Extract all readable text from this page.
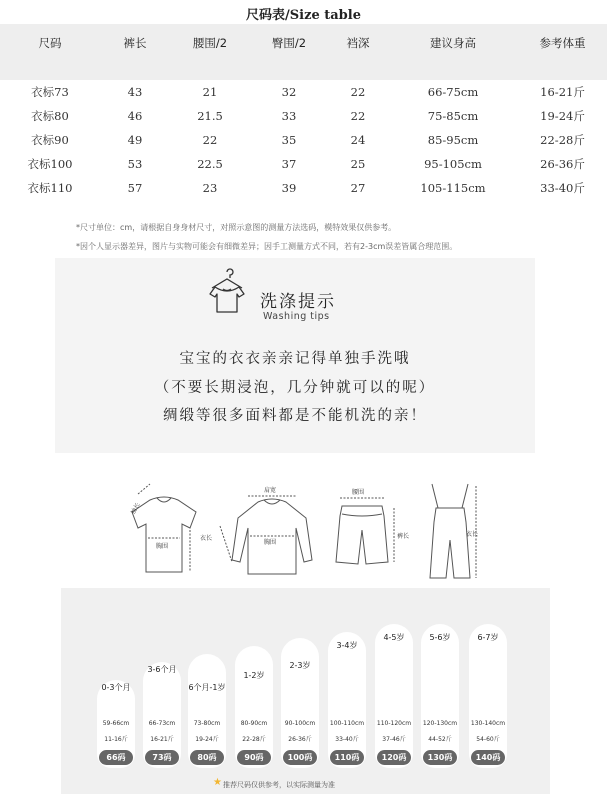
尺码表/Size table
尺码	裤长	腰围/2	臀围/2	裆深	建议身高	参考体重

衣标73	43	21	32	22	66-75cm	16-21斤
衣标80	46	21.5	33	22	75-85cm	19-24斤
衣标90	49	22	35	24	85-95cm	22-28斤
衣标100	53	22.5	37	25	95-105cm	26-36斤
衣标110	57	23	39	27	105-115cm	33-40斤
*尺寸单位：cm，请根据自身身材尺寸，对照示意图的测量方法选码，模特效果仅供参考。
*因个人显示器差异，图片与实物可能会有细微差异；因手工测量方式不同，若有2-3cm误差皆属合理范围。
洗涤提示
Washing tips
宝宝的衣衣亲亲记得单独手洗哦
（不要长期浸泡，几分钟就可以的呢）
绸缎等很多面料都是不能机洗的亲！
袖长
胸围
衣长
肩宽
胸围
腰围
裤长	衣长
0-3个月
59-66cm
11-16斤
66码
3-6个月
66-73cm
16-21斤
73码
6个月-1岁
73-80cm
19-24斤
80码
1-2岁
80-90cm
22-28斤
90码
2-3岁
90-100cm
26-36斤
100码
3-4岁
100-110cm
33-40斤
110码
4-5岁
110-120cm
37-46斤
120码
5-6岁
120-130cm
44-52斤
130码
6-7岁
130-140cm
54-60斤
140码
★ 推荐尺码仅供参考，以实际测量为准
